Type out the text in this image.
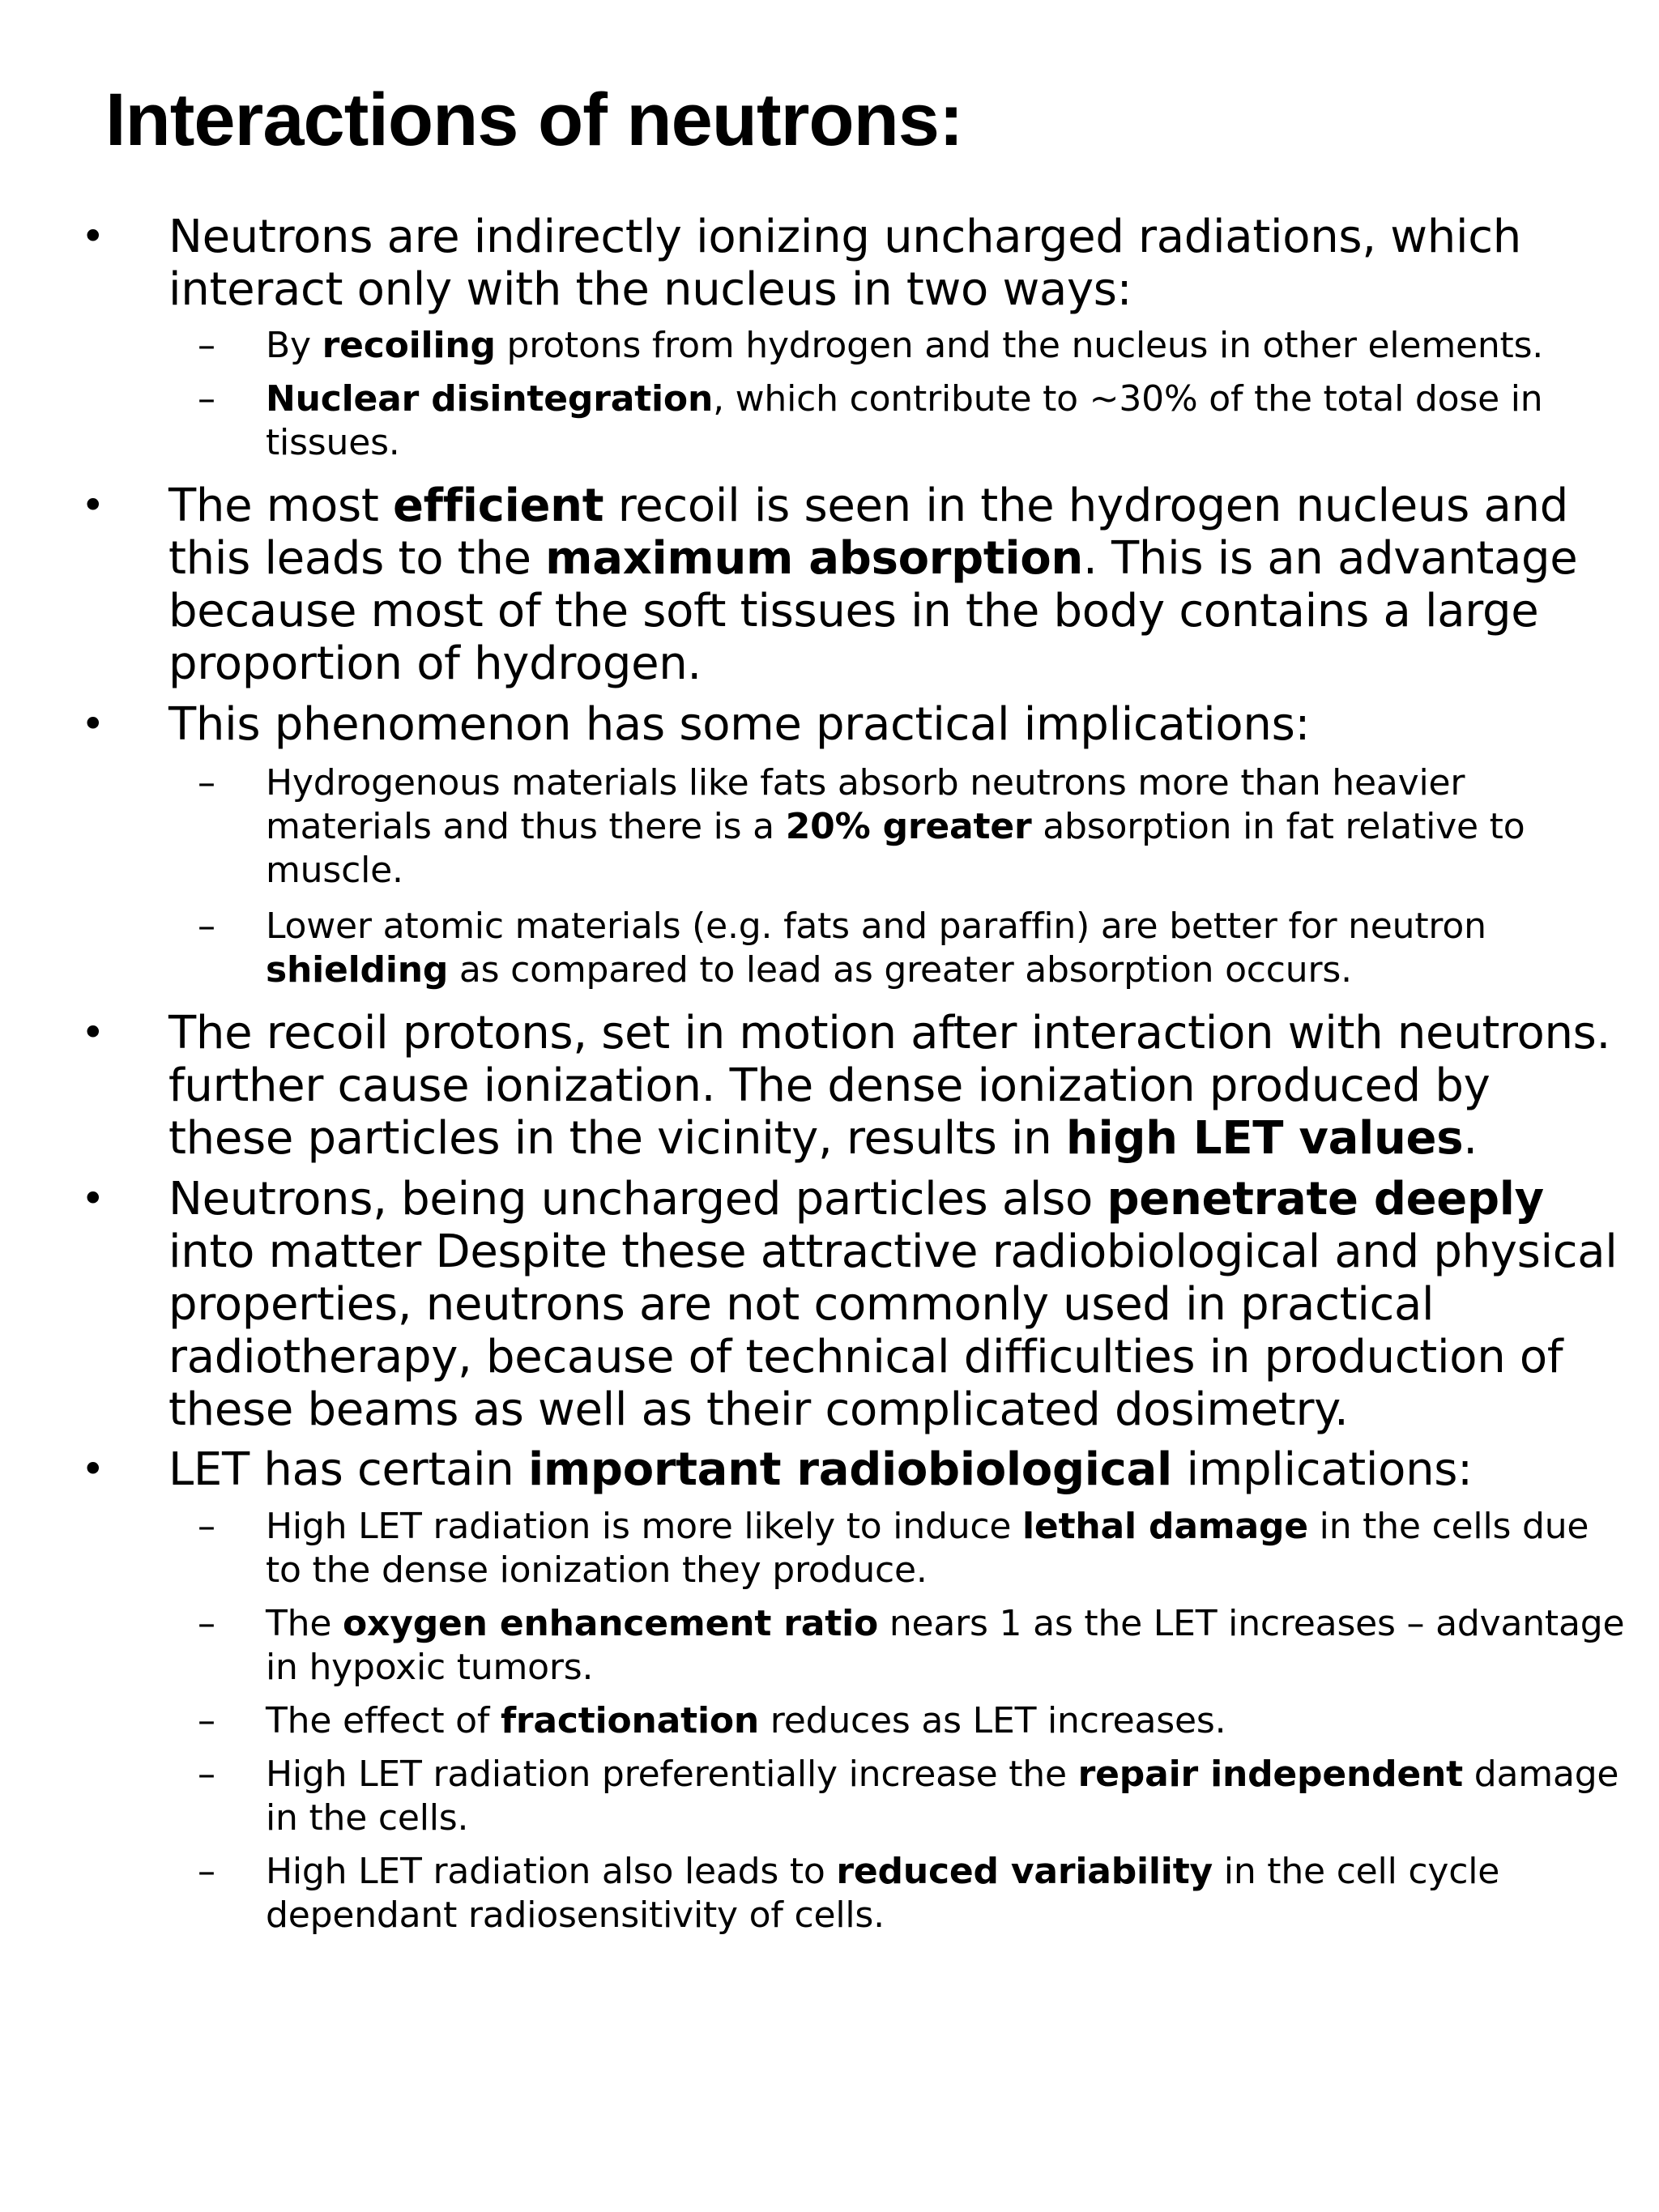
Interactions of neutrons:
• Neutrons are indirectly ionizing uncharged radiations, which interact only with the nucleus in two ways:
– By recoiling protons from hydrogen and the nucleus in other elements.
– Nuclear disintegration, which contribute to ~30% of the total dose in tissues.
• The most efficient recoil is seen in the hydrogen nucleus and this leads to the maximum absorption. This is an advantage because most of the soft tissues in the body contains a large proportion of hydrogen.
• This phenomenon has some practical implications:
– Hydrogenous materials like fats absorb neutrons more than heavier materials and thus there is a 20% greater absorption in fat relative to muscle.
– Lower atomic materials (e.g. fats and paraffin) are better for neutron shielding as compared to lead as greater absorption occurs.
• The recoil protons, set in motion after interaction with neutrons. further cause ionization. The dense ionization produced by these particles in the vicinity, results in high LET values.
• Neutrons, being uncharged particles also penetrate deeply into matter Despite these attractive radiobiological and physical properties, neutrons are not commonly used in practical radiotherapy, because of technical difficulties in production of these beams as well as their complicated dosimetry.
• LET has certain important radiobiological implications:
– High LET radiation is more likely to induce lethal damage in the cells due to the dense ionization they produce.
– The oxygen enhancement ratio nears 1 as the LET increases – advantage in hypoxic tumors.
– The effect of fractionation reduces as LET increases.
– High LET radiation preferentially increase the repair independent damage in the cells.
– High LET radiation also leads to reduced variability in the cell cycle dependant radiosensitivity of cells.
